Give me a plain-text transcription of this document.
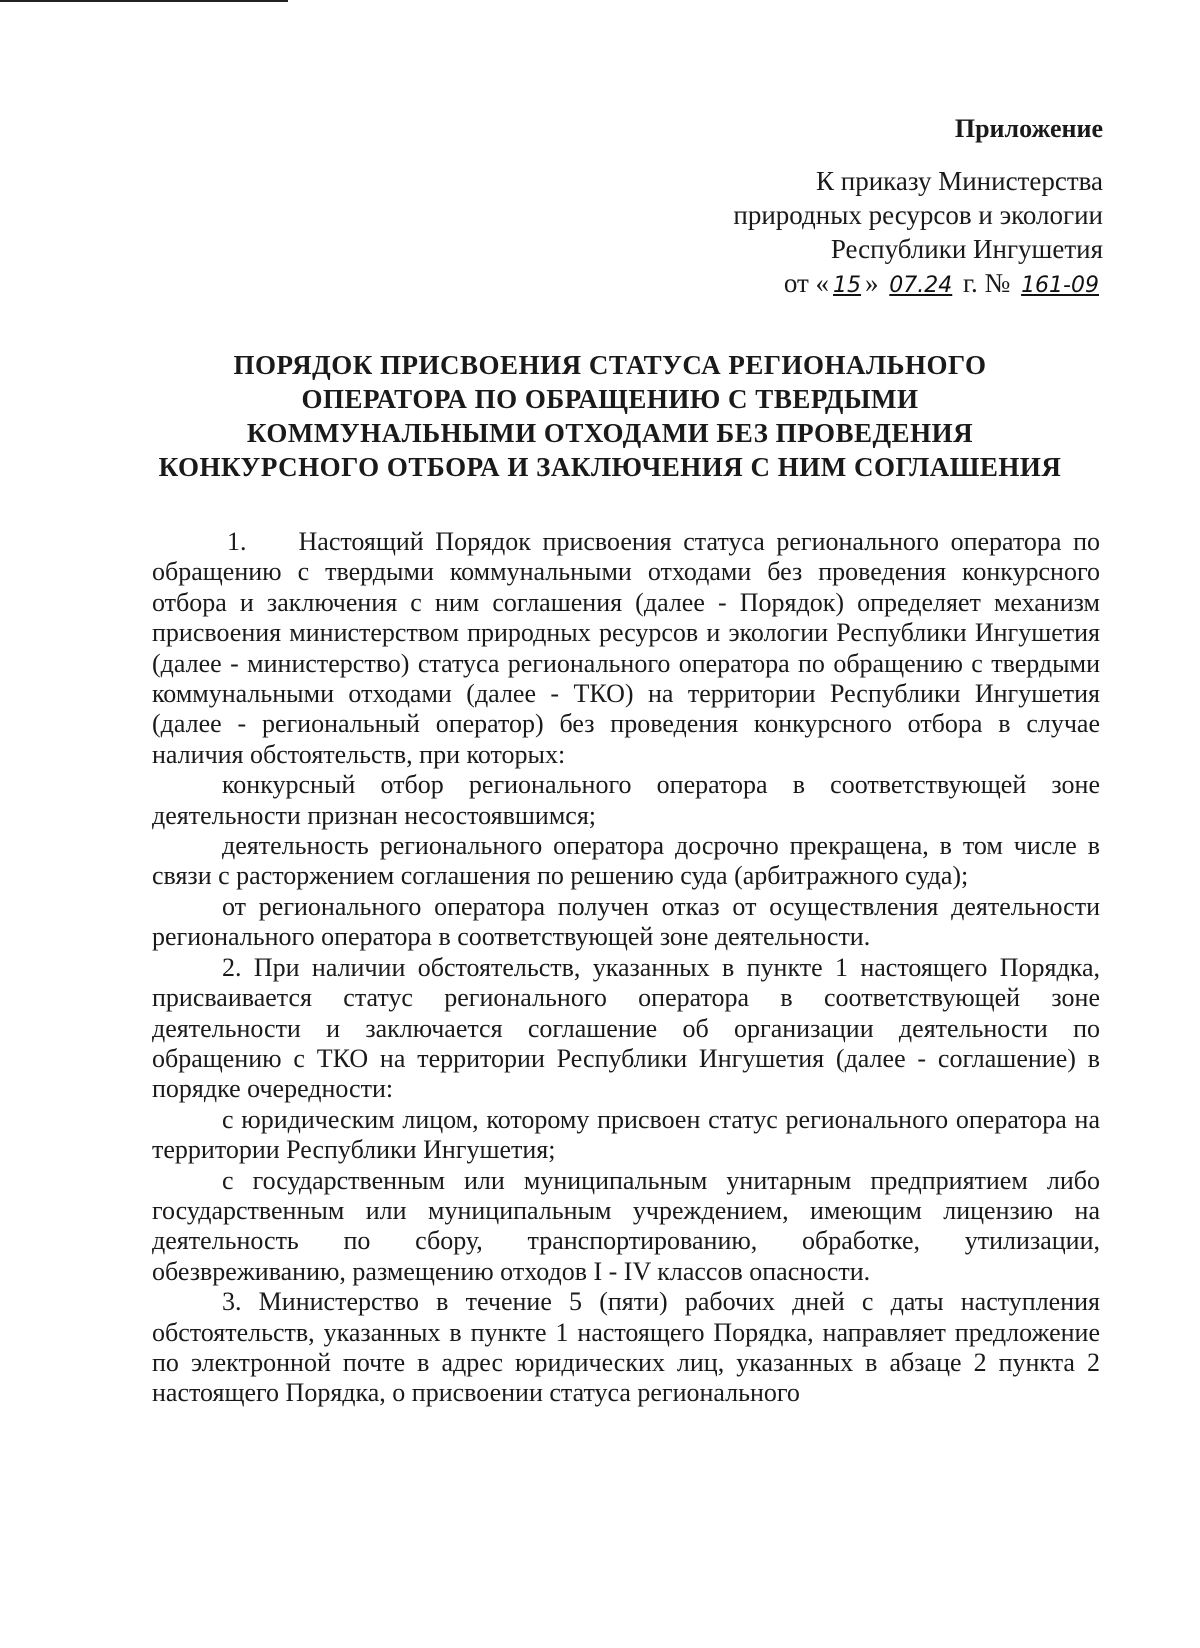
Приложение
К приказу Министерства
природных ресурсов и экологии
Республики Ингушетия
от « 15 » 07.24 г. № 161-09
ПОРЯДОК ПРИСВОЕНИЯ СТАТУСА РЕГИОНАЛЬНОГО
ОПЕРАТОРА ПО ОБРАЩЕНИЮ С ТВЕРДЫМИ
КОММУНАЛЬНЫМИ ОТХОДАМИ БЕЗ ПРОВЕДЕНИЯ
КОНКУРСНОГО ОТБОРА И ЗАКЛЮЧЕНИЯ С НИМ СОГЛАШЕНИЯ

1. Настоящий Порядок присвоения статуса регионального оператора по обращению с твердыми коммунальными отходами без проведения конкурсного отбора и заключения с ним соглашения (далее - Порядок) определяет механизм присвоения министерством природных ресурсов и экологии Республики Ингушетия (далее - министерство) статуса регионального оператора по обращению с твердыми коммунальными отходами (далее - ТКО) на территории Республики Ингушетия (далее - региональный оператор) без проведения конкурсного отбора в случае наличия обстоятельств, при которых:

конкурсный отбор регионального оператора в соответствующей зоне деятельности признан несостоявшимся;

деятельность регионального оператора досрочно прекращена, в том числе в связи с расторжением соглашения по решению суда (арбитражного суда);

от регионального оператора получен отказ от осуществления деятельности регионального оператора в соответствующей зоне деятельности.

2. При наличии обстоятельств, указанных в пункте 1 настоящего Порядка, присваивается статус регионального оператора в соответствующей зоне деятельности и заключается соглашение об организации деятельности по обращению с ТКО на территории Республики Ингушетия (далее - соглашение) в порядке очередности:

с юридическим лицом, которому присвоен статус регионального оператора на территории Республики Ингушетия;

с государственным или муниципальным унитарным предприятием либо государственным или муниципальным учреждением, имеющим лицензию на деятельность по сбору, транспортированию, обработке, утилизации, обезвреживанию, размещению отходов I - IV классов опасности.

3. Министерство в течение 5 (пяти) рабочих дней с даты наступления обстоятельств, указанных в пункте 1 настоящего Порядка, направляет предложение по электронной почте в адрес юридических лиц, указанных в абзаце 2 пункта 2 настоящего Порядка, о присвоении статуса регионального
